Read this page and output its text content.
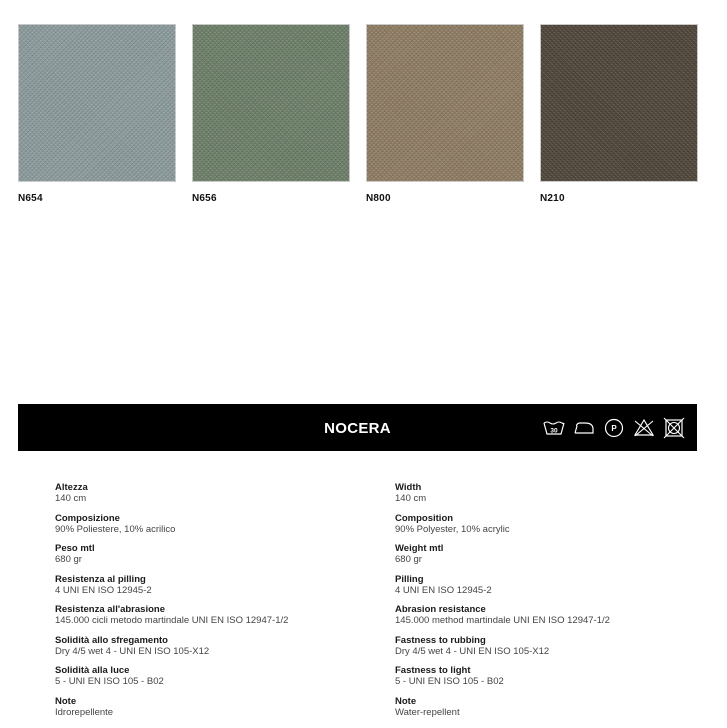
N654	N656	N800	N210
NOCERA	30	P
Altezza
140 cm
Composizione
90% Poliestere, 10% acrilico
Peso mtl
680 gr
Resistenza al pilling
4 UNI EN ISO 12945-2
Resistenza all'abrasione
145.000 cicli metodo martindale UNI EN ISO 12947-1/2
Solidità allo sfregamento
Dry 4/5 wet 4 - UNI EN ISO 105-X12
Solidità alla luce
5 - UNI EN ISO 105 - B02
Note
Idrorepellente
Width
140 cm
Composition
90% Polyester, 10% acrylic
Weight mtl
680 gr
Pilling
4 UNI EN ISO 12945-2
Abrasion resistance
145.000 method martindale UNI EN ISO 12947-1/2
Fastness to rubbing
Dry 4/5 wet 4 - UNI EN ISO 105-X12
Fastness to light
5 - UNI EN ISO 105 - B02
Note
Water-repellent
